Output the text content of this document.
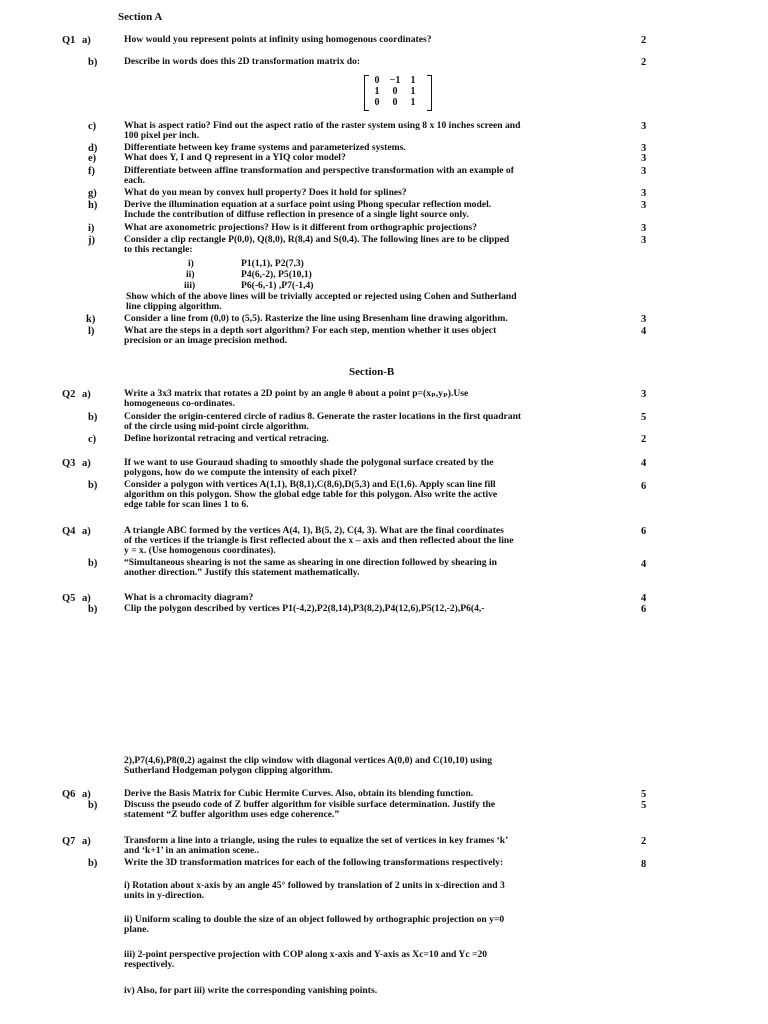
Section A
Q1 a)	How would you represent points at infinity using homogenous coordinates?	2
b)	Describe in words does this 2D transformation matrix do:	2
0	−1	1
1	0	1
0	0	1
c)	What is aspect ratio? Find out the aspect ratio of the raster system using 8 x 10 inches screen and
100 pixel per inch.
3
d)	Differentiate between key frame systems and parameterized systems.	3
e)	What does Y, I and Q represent in a YIQ color model?	3
f)	Differentiate between affine transformation and perspective transformation with an example of
each.
3
g)	What do you mean by convex hull property? Does it hold for splines?	3
h)	Derive the illumination equation at a surface point using Phong specular reflection model.
Include the contribution of diffuse reflection in presence of a single light source only.
3
i)	What are axonometric projections? How is it different from orthographic projections?	3
j)	Consider a clip rectangle P(0,0), Q(8,0), R(8,4) and S(0,4). The following lines are to be clipped
to this rectangle:
3
i)	P1(1,1), P2(7,3)
ii)	P4(6,-2), P5(10,1)
iii)	P6(-6,-1) ,P7(-1,4)
Show which of the above lines will be trivially accepted or rejected using Cohen and Sutherland
line clipping algorithm.
k)	Consider a line from (0,0) to (5,5). Rasterize the line using Bresenham line drawing algorithm.	3
l)	What are the steps in a depth sort algorithm? For each step, mention whether it uses object
precision or an image precision method.
4
Section-B
Q2 a)	Write a 3x3 matrix that rotates a 2D point by an angle θ about a point p=(xₚ,yₚ).Use
homogeneous co-ordinates.
3
b)	Consider the origin-centered circle of radius 8. Generate the raster locations in the first quadrant
of the circle using mid-point circle algorithm.
5
c)	Define horizontal retracing and vertical retracing.	2
Q3 a)	If we want to use Gouraud shading to smoothly shade the polygonal surface created by the
polygons, how do we compute the intensity of each pixel?
4
b)	Consider a polygon with vertices A(1,1), B(8,1),C(8,6),D(5,3) and E(1,6). Apply scan line fill
algorithm on this polygon. Show the global edge table for this polygon. Also write the active
edge table for scan lines 1 to 6.
6
Q4 a)	A triangle ABC formed by the vertices A(4, 1), B(5, 2), C(4, 3). What are the final coordinates
of the vertices if the triangle is first reflected about the x – axis and then reflected about the line
y = x. (Use homogenous coordinates).
6
b)	“Simultaneous shearing is not the same as shearing in one direction followed by shearing in
another direction.” Justify this statement mathematically.
4
Q5 a)	What is a chromacity diagram?	4
b)	Clip the polygon described by vertices P1(-4,2),P2(8,14),P3(8,2),P4(12,6),P5(12,-2),P6(4,-	6
2),P7(4,6),P8(0,2) against the clip window with diagonal vertices A(0,0) and C(10,10) using
Sutherland Hodgeman polygon clipping algorithm.
Q6 a)	Derive the Basis Matrix for Cubic Hermite Curves. Also, obtain its blending function.	5
b)	Discuss the pseudo code of Z buffer algorithm for visible surface determination. Justify the
statement “Z buffer algorithm uses edge coherence.”
5
Q7 a)	Transform a line into a triangle, using the rules to equalize the set of vertices in key frames ‘k’
and ‘k+1’ in an animation scene..
2
b)	Write the 3D transformation matrices for each of the following transformations respectively:	8
i) Rotation about x-axis by an angle 45° followed by translation of 2 units in x-direction and 3
units in y-direction.
ii) Uniform scaling to double the size of an object followed by orthographic projection on y=0
plane.
iii) 2-point perspective projection with COP along x-axis and Y-axis as Xc=10 and Yc =20
respectively.
iv) Also, for part iii) write the corresponding vanishing points.
